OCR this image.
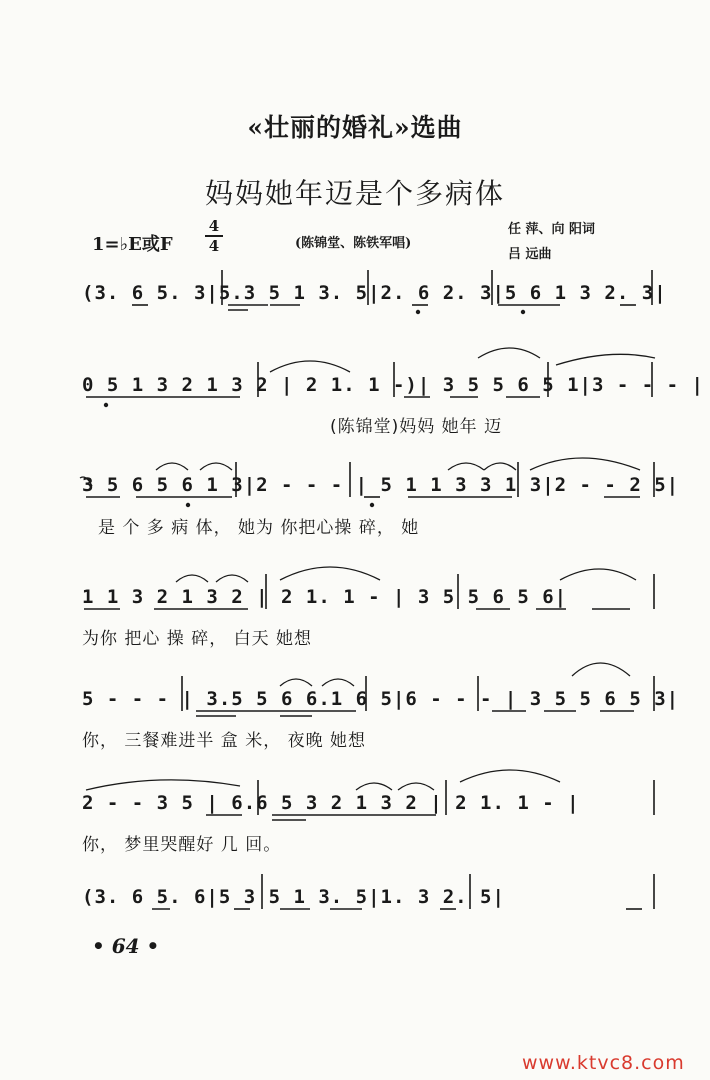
«壮丽的婚礼»选曲
妈妈她年迈是个多病体
1=♭E或F
4
4	(陈锦堂、陈铁军唱)
任 萍、向 阳词
吕 远曲
(3. 6 5. 3|5.3 5 1 3. 5|2. 6 2. 3|5 6 1 3 2. 3|
0 5 1 3 2 1 3 2 | 2 1. 1 -)| 3 5 5 6 5 1|3 - - - |
(陈锦堂)妈妈 她年 迈
3 5 6 5 6 1 3|2 - - - | 5 1 1 3 3 1 3|2 - - 2 5|
是 个 多 病 体， 她为 你把心操 碎， 她
1 1 3 2 1 3 2 | 2 1. 1 - | 3 5 5 6 5 6|
为你 把心 操 碎， 白天 她想
5 - - - | 3.5 5 6 6.1 6 5|6 - - - | 3 5 5 6 5 3|
你， 三餐难进半 盒 米， 夜晚 她想
2 - - 3 5 | 6.6 5 3 2 1 3 2 | 2 1. 1 - |
你， 梦里哭醒好 几 回。
(3. 6 5. 6|5 3 5 1 3. 5|1. 3 2. 5|
• 64 •
www.ktvc8.com
